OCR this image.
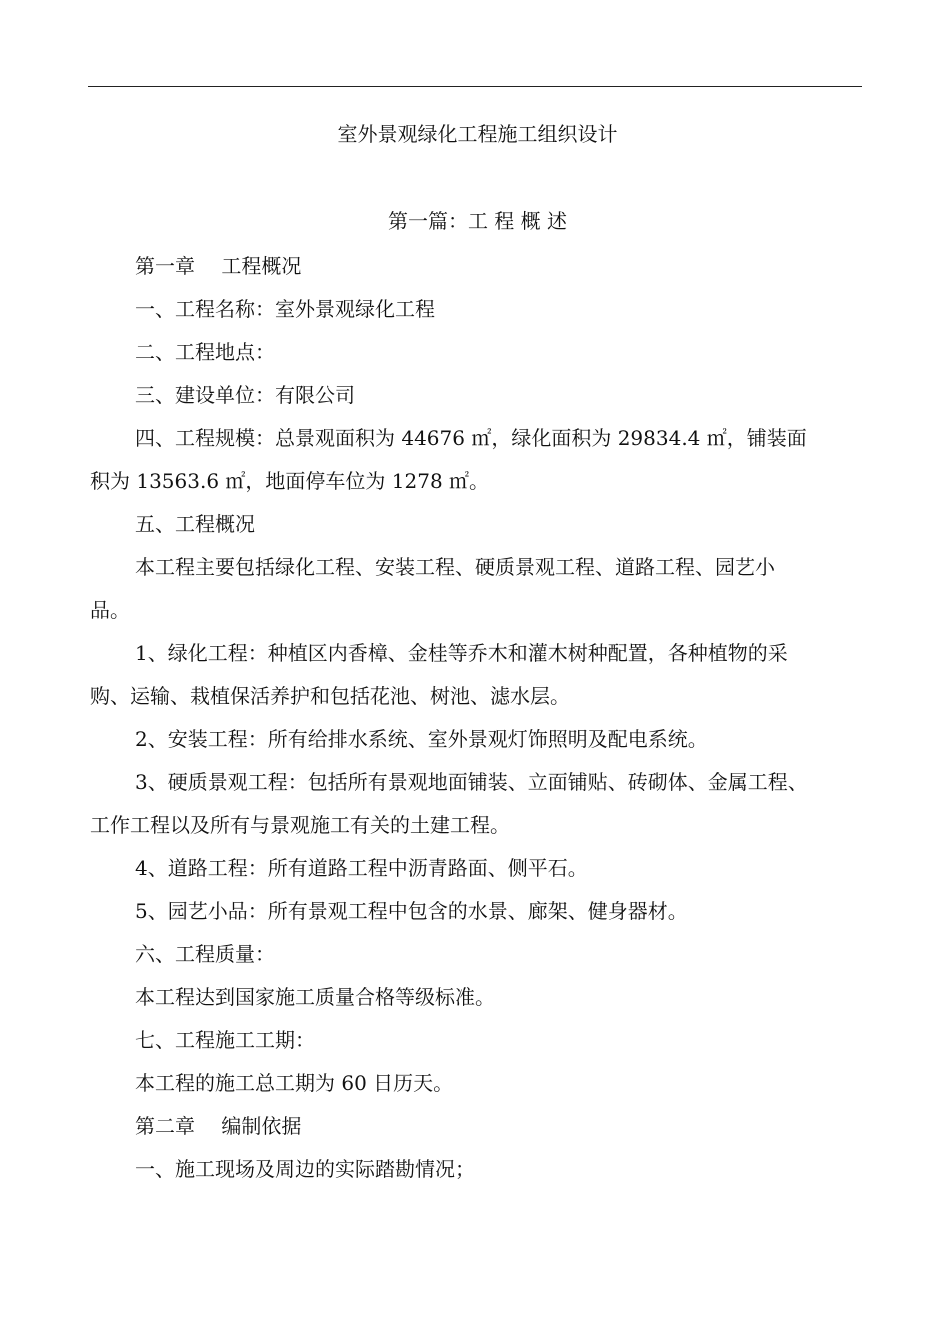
室外景观绿化工程施工组织设计
第一篇：工 程 概 述
第一章　 工程概况
一、工程名称：室外景观绿化工程
二、工程地点：
三、建设单位：有限公司
四、工程规模：总景观面积为 44676 ㎡，绿化面积为 29834.4 ㎡，铺装面
积为 13563.6 ㎡，地面停车位为 1278 ㎡。
五、工程概况
本工程主要包括绿化工程、安装工程、硬质景观工程、道路工程、园艺小
品。
1、绿化工程：种植区内香樟、金桂等乔木和灌木树种配置，各种植物的采
购、运输、栽植保活养护和包括花池、树池、滤水层。
2、安装工程：所有给排水系统、室外景观灯饰照明及配电系统。
3、硬质景观工程：包括所有景观地面铺装、立面铺贴、砖砌体、金属工程、
工作工程以及所有与景观施工有关的土建工程。
4、道路工程：所有道路工程中沥青路面、侧平石。
5、园艺小品：所有景观工程中包含的水景、廊架、健身器材。
六、工程质量：
本工程达到国家施工质量合格等级标准。
七、工程施工工期：
本工程的施工总工期为 60 日历天。
第二章　 编制依据
一、施工现场及周边的实际踏勘情况；
